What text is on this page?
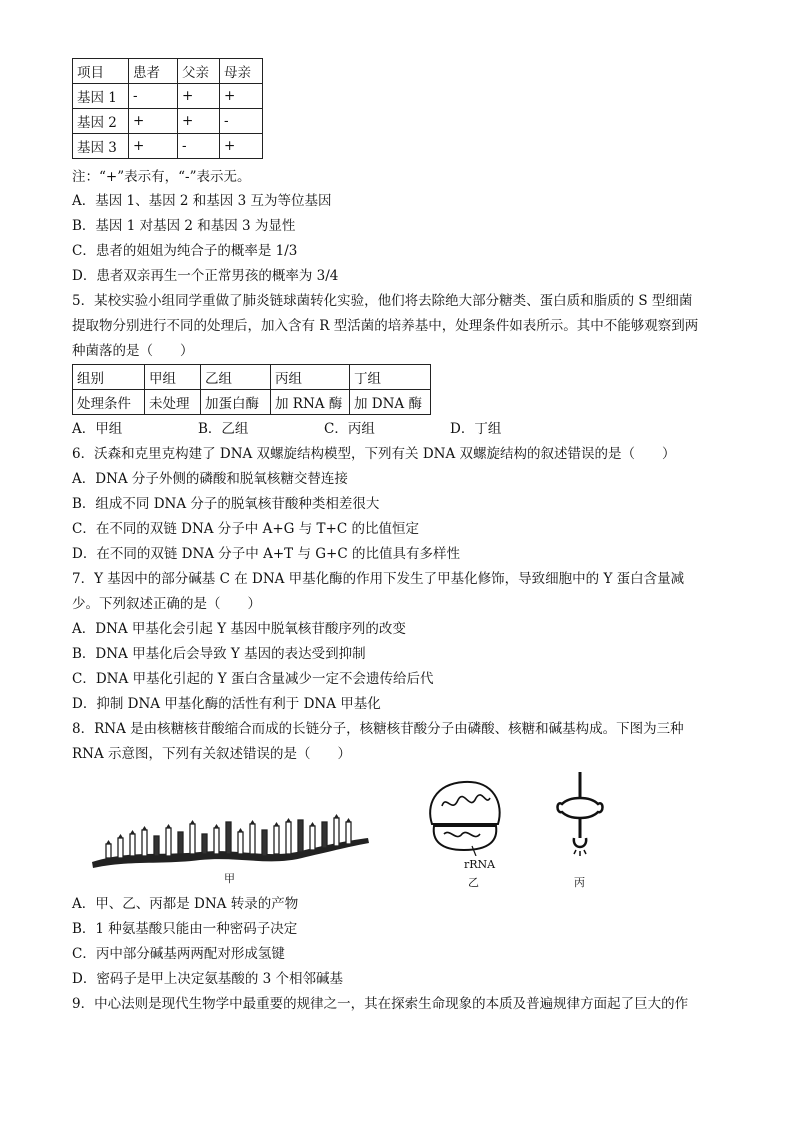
项目	患者	父亲	母亲
基因 1	-	+	+
基因 2	+	+	-
基因 3	+	-	+
注：“+”表示有，“-”表示无。
A．基因 1、基因 2 和基因 3 互为等位基因
B．基因 1 对基因 2 和基因 3 为显性
C．患者的姐姐为纯合子的概率是 1/3
D．患者双亲再生一个正常男孩的概率为 3/4
5．某校实验小组同学重做了肺炎链球菌转化实验，他们将去除绝大部分糖类、蛋白质和脂质的 S 型细菌
提取物分别进行不同的处理后，加入含有 R 型活菌的培养基中，处理条件如表所示。其中不能够观察到两
种菌落的是（　　）
组别	甲组	乙组	丙组	丁组
处理条件	未处理	加蛋白酶	加 RNA 酶	加 DNA 酶
A．甲组	B．乙组	C．丙组	D．丁组
6．沃森和克里克构建了 DNA 双螺旋结构模型，下列有关 DNA 双螺旋结构的叙述错误的是（　　）
A．DNA 分子外侧的磷酸和脱氧核糖交替连接
B．组成不同 DNA 分子的脱氧核苷酸种类相差很大
C．在不同的双链 DNA 分子中 A+G 与 T+C 的比值恒定
D．在不同的双链 DNA 分子中 A+T 与 G+C 的比值具有多样性
7．Y 基因中的部分碱基 C 在 DNA 甲基化酶的作用下发生了甲基化修饰，导致细胞中的 Y 蛋白含量减
少。下列叙述正确的是（　　）
A．DNA 甲基化会引起 Y 基因中脱氧核苷酸序列的改变
B．DNA 甲基化后会导致 Y 基因的表达受到抑制
C．DNA 甲基化引起的 Y 蛋白含量减少一定不会遗传给后代
D．抑制 DNA 甲基化酶的活性有利于 DNA 甲基化
8．RNA 是由核糖核苷酸缩合而成的长链分子，核糖核苷酸分子由磷酸、核糖和碱基构成。下图为三种
RNA 示意图，下列有关叙述错误的是（　　）
甲
rRNA
乙	丙
A．甲、乙、丙都是 DNA 转录的产物
B．1 种氨基酸只能由一种密码子决定
C．丙中部分碱基两两配对形成氢键
D．密码子是甲上决定氨基酸的 3 个相邻碱基
9．中心法则是现代生物学中最重要的规律之一，其在探索生命现象的本质及普遍规律方面起了巨大的作
